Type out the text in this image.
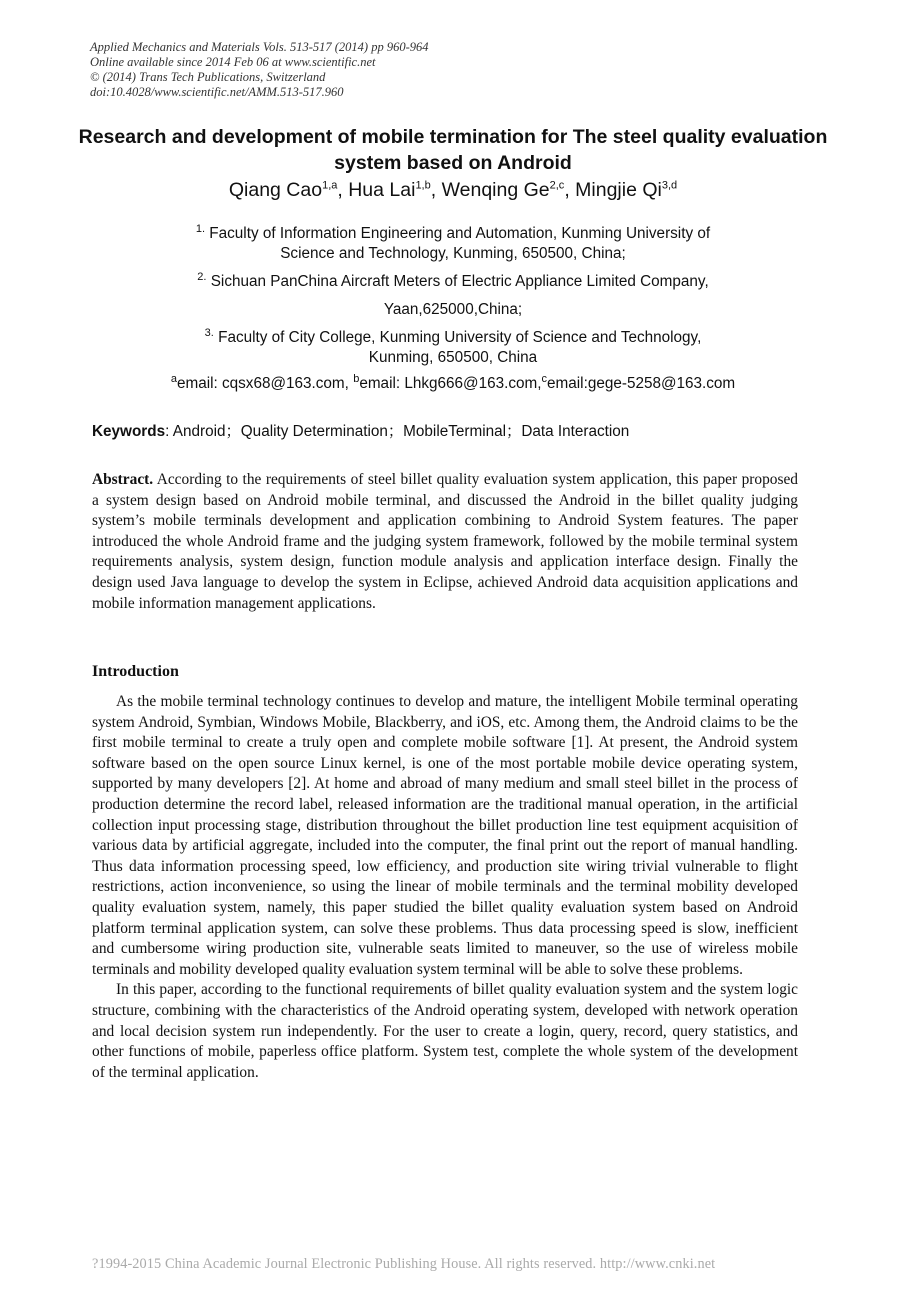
Applied Mechanics and Materials Vols. 513-517 (2014) pp 960-964
Online available since 2014 Feb 06 at www.scientific.net
© (2014) Trans Tech Publications, Switzerland
doi:10.4028/www.scientific.net/AMM.513-517.960
Research and development of mobile termination for The steel quality evaluation system based on Android
Qiang Cao$^{1,a}$, Hua Lai$^{1,b}$, Wenqing Ge$^{2,c}$, Mingjie Qi$^{3,d}$
$^{1.}$ Faculty of Information Engineering and Automation, Kunming University of
Science and Technology, Kunming, 650500, China;
$^{2.}$ Sichuan PanChina Aircraft Meters of Electric Appliance Limited Company,
Yaan,625000,China;
$^{3.}$ Faculty of City College, Kunming University of Science and Technology,
Kunming, 650500, China
$^a$email: cqsx68@163.com, $^b$email: Lhkg666@163.com,$^c$email:gege-5258@163.com
Keywords: Android；Quality Determination；MobileTerminal；Data Interaction
Abstract. According to the requirements of steel billet quality evaluation system application, this paper proposed a system design based on Android mobile terminal, and discussed the Android in the billet quality judging system’s mobile terminals development and application combining to Android System features. The paper introduced the whole Android frame and the judging system framework, followed by the mobile terminal system requirements analysis, system design, function module analysis and application interface design. Finally the design used Java language to develop the system in Eclipse, achieved Android data acquisition applications and mobile information management applications.
Introduction

As the mobile terminal technology continues to develop and mature, the intelligent Mobile terminal operating system Android, Symbian, Windows Mobile, Blackberry, and iOS, etc. Among them, the Android claims to be the first mobile terminal to create a truly open and complete mobile software [1]. At present, the Android system software based on the open source Linux kernel, is one of the most portable mobile device operating system, supported by many developers [2]. At home and abroad of many medium and small steel billet in the process of production determine the record label, released information are the traditional manual operation, in the artificial collection input processing stage, distribution throughout the billet production line test equipment acquisition of various data by artificial aggregate, included into the computer, the final print out the report of manual handling. Thus data information processing speed, low efficiency, and production site wiring trivial vulnerable to flight restrictions, action inconvenience, so using the linear of mobile terminals and the terminal mobility developed quality evaluation system, namely, this paper studied the billet quality evaluation system based on Android platform terminal application system, can solve these problems. Thus data processing speed is slow, inefficient and cumbersome wiring production site, vulnerable seats limited to maneuver, so the use of wireless mobile terminals and mobility developed quality evaluation system terminal will be able to solve these problems.

In this paper, according to the functional requirements of billet quality evaluation system and the system logic structure, combining with the characteristics of the Android operating system, developed with network operation and local decision system run independently. For the user to create a login, query, record, query statistics, and other functions of mobile, paperless office platform. System test, complete the whole system of the development of the terminal application.

?1994-2015 China Academic Journal Electronic Publishing House. All rights reserved. http://www.cnki.net
